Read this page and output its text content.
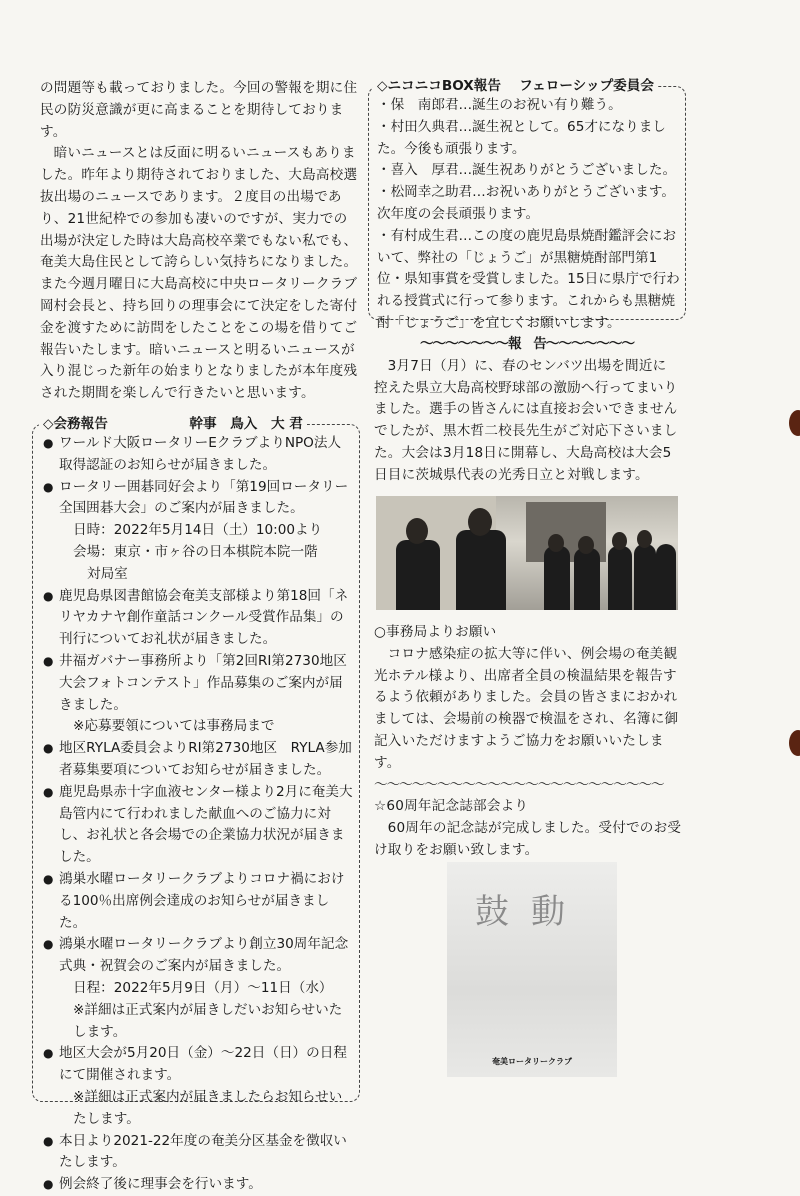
の問題等も載っておりました。今回の警報を期に住民の防災意識が更に高まることを期待しております。

暗いニュースとは反面に明るいニュースもありました。昨年より期待されておりました、大島高校選抜出場のニュースであります。２度目の出場であり、21世紀枠での参加も凄いのですが、実力での出場が決定した時は大島高校卒業でもない私でも、奄美大島住民として誇らしい気持ちになりました。また今週月曜日に大島高校に中央ロータリークラブ岡村会長と、持ち回りの理事会にて決定をした寄付金を渡すために訪問をしたことをこの場を借りてご報告いたします。暗いニュースと明るいニュースが入り混じった新年の始まりとなりましたが本年度残された期間を楽しんで行きたいと思います。

◇会務報告　　　　　　幹事　鳥入　大 君

● ワールド大阪ロータリーEクラブよりNPO法人取得認証のお知らせが届きました。

● ロータリー囲碁同好会より「第19回ロータリー全国囲碁大会」のご案内が届きました。

日時：2022年5月14日（土）10:00より

会場：東京・市ヶ谷の日本棋院本院一階

対局室

● 鹿児島県図書館協会奄美支部様より第18回「ネリヤカナヤ創作童話コンクール受賞作品集」の刊行についてお礼状が届きました。

● 井福ガバナー事務所より「第2回RI第2730地区大会フォトコンテスト」作品募集のご案内が届きました。

※応募要領については事務局まで

● 地区RYLA委員会よりRI第2730地区　RYLA参加者募集要項についてお知らせが届きました。

● 鹿児島県赤十字血液センター様より2月に奄美大島管内にて行われました献血へのご協力に対し、お礼状と各会場での企業協力状況が届きました。

● 鴻巣水曜ロータリークラブよりコロナ禍における100％出席例会達成のお知らせが届きました。

● 鴻巣水曜ロータリークラブより創立30周年記念式典・祝賀会のご案内が届きました。

日程：2022年5月9日（月）～11日（水）

※詳細は正式案内が届きしだいお知らせいたします。

● 地区大会が5月20日（金）～22日（日）の日程にて開催されます。

※詳細は正式案内が届きましたらお知らせいたします。

● 本日より2021-22年度の奄美分区基金を徴収いたします。

● 例会終了後に理事会を行います。

◇ニコニコBOX報告　 フェローシップ委員会

・保　南郎君…誕生のお祝い有り難う。

・村田久典君…誕生祝として。65才になりました。今後も頑張ります。

・喜入　厚君…誕生祝ありがとうございました。

・松岡幸之助君…お祝いありがとうございます。次年度の会長頑張ります。

・有村成生君…この度の鹿児島県焼酎鑑評会において、弊社の「じょうご」が黒糖焼酎部門第1位・県知事賞を受賞しました。15日に県庁で行われる授賞式に行って参ります。これからも黒糖焼酎「じょうご」を宜しくお願いします。

～～～～～～～報　告～～～～～～～

3月7日（月）に、春のセンバツ出場を間近に控えた県立大島高校野球部の激励へ行ってまいりました。選手の皆さんには直接お会いできませんでしたが、黒木哲二校長先生がご対応下さいました。大会は3月18日に開幕し、大島高校は大会5日目に茨城県代表の光秀日立と対戦します。

○事務局よりお願い

コロナ感染症の拡大等に伴い、例会場の奄美観光ホテル様より、出席者全員の検温結果を報告するよう依頼がありました。会員の皆さまにおかれましては、会場前の検器で検温をされ、名簿に御記入いただけますようご協力をお願いいたします。

～～～～～～～～～～～～～～～～～～～～～～～
☆60周年記念誌部会より

60周年の記念誌が完成しました。受付でのお受け取りをお願い致します。

鼓動
奄美ロータリークラブ
